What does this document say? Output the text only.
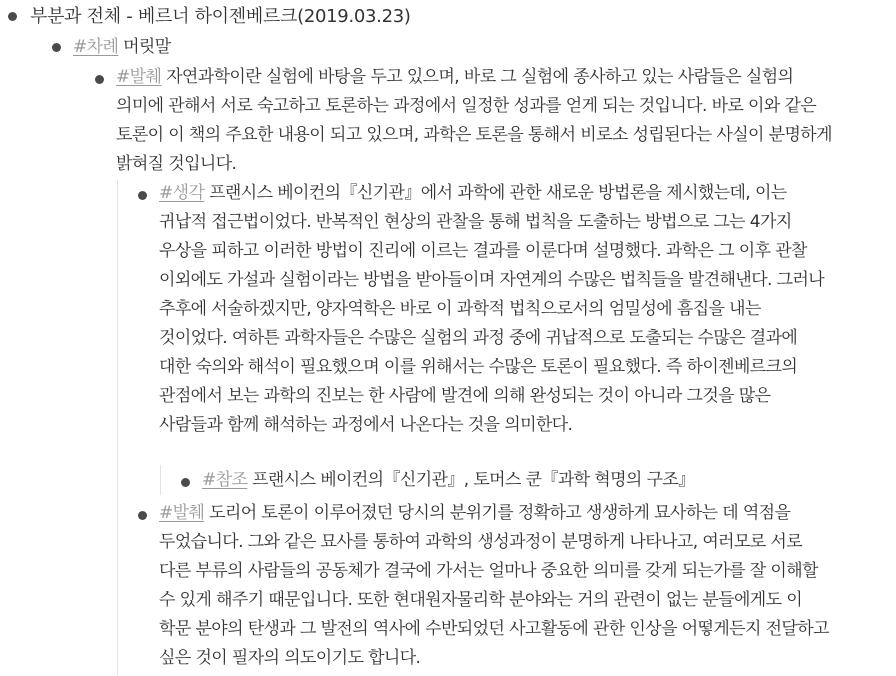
부분과 전체 - 베르너 하이젠베르크(2019.03.23)
#차례 머릿말
#발췌 자연과학이란 실험에 바탕을 두고 있으며, 바로 그 실험에 종사하고 있는 사람들은 실험의 의미에 관해서 서로 숙고하고 토론하는 과정에서 일정한 성과를 얻게 되는 것입니다. 바로 이와 같은 토론이 이 책의 주요한 내용이 되고 있으며, 과학은 토론을 통해서 비로소 성립된다는 사실이 분명하게 밝혀질 것입니다.
#생각 프랜시스 베이컨의『신기관』에서 과학에 관한 새로운 방법론을 제시했는데, 이는 귀납적 접근법이었다. 반복적인 현상의 관찰을 통해 법칙을 도출하는 방법으로 그는 4가지 우상을 피하고 이러한 방법이 진리에 이르는 결과를 이룬다며 설명했다. 과학은 그 이후 관찰 이외에도 가설과 실험이라는 방법을 받아들이며 자연계의 수많은 법칙들을 발견해낸다. 그러나 추후에 서술하겠지만, 양자역학은 바로 이 과학적 법칙으로서의 엄밀성에 흠집을 내는 것이었다. 여하튼 과학자들은 수많은 실험의 과정 중에 귀납적으로 도출되는 수많은 결과에 대한 숙의와 해석이 필요했으며 이를 위해서는 수많은 토론이 필요했다. 즉 하이젠베르크의 관점에서 보는 과학의 진보는 한 사람에 발견에 의해 완성되는 것이 아니라 그것을 많은 사람들과 함께 해석하는 과정에서 나온다는 것을 의미한다.
#참조 프랜시스 베이컨의『신기관』, 토머스 쿤『과학 혁명의 구조』
#발췌 도리어 토론이 이루어졌던 당시의 분위기를 정확하고 생생하게 묘사하는 데 역점을 두었습니다. 그와 같은 묘사를 통하여 과학의 생성과정이 분명하게 나타나고, 여러모로 서로 다른 부류의 사람들의 공동체가 결국에 가서는 얼마나 중요한 의미를 갖게 되는가를 잘 이해할 수 있게 해주기 때문입니다. 또한 현대원자물리학 분야와는 거의 관련이 없는 분들에게도 이 학문 분야의 탄생과 그 발전의 역사에 수반되었던 사고활동에 관한 인상을 어떻게든지 전달하고 싶은 것이 필자의 의도이기도 합니다.
